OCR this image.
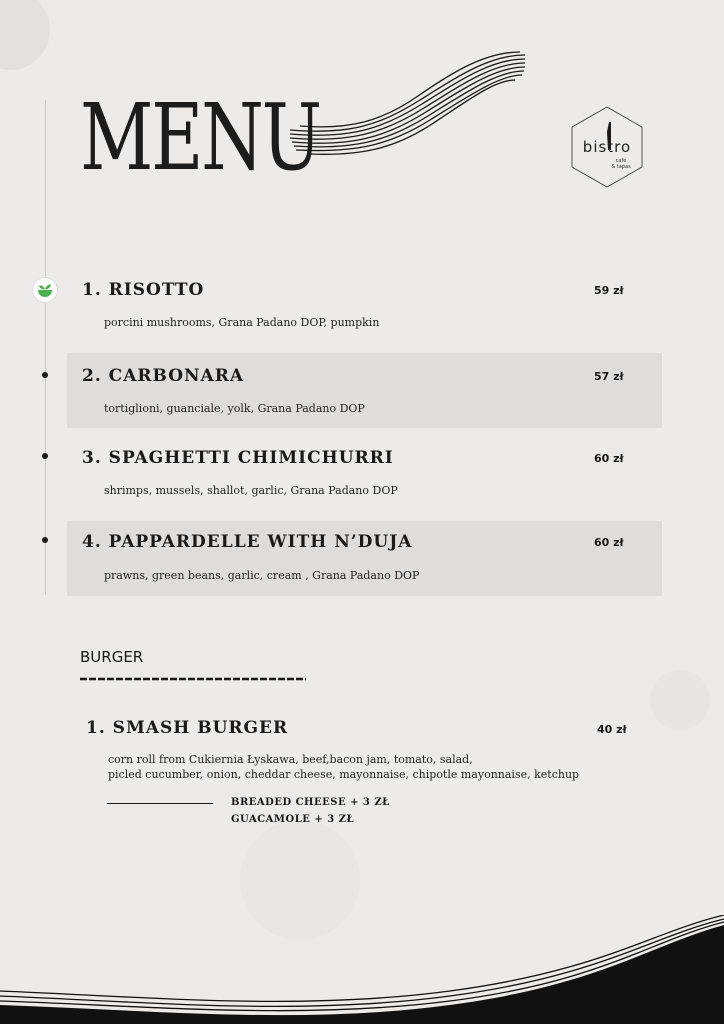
MENU	bistro
cafe
& tapas
1. RISOTTO	59 zł
porcini mushrooms, Grana Padano DOP, pumpkin
2. CARBONARA	57 zł
tortiglioni, guanciale, yolk, Grana Padano DOP
3. SPAGHETTI CHIMICHURRI	60 zł
shrimps, mussels, shallot, garlic, Grana Padano DOP
4. PAPPARDELLE WITH N’DUJA	60 zł
prawns, green beans, garlic, cream , Grana Padano DOP
BURGER
1. SMASH BURGER	40 zł
corn roll from Cukiernia Łyskawa, beef,bacon jam, tomato, salad,
picled cucumber, onion, cheddar cheese, mayonnaise, chipotle mayonnaise, ketchup
BREADED CHEESE + 3 ZŁ
GUACAMOLE + 3 ZŁ
